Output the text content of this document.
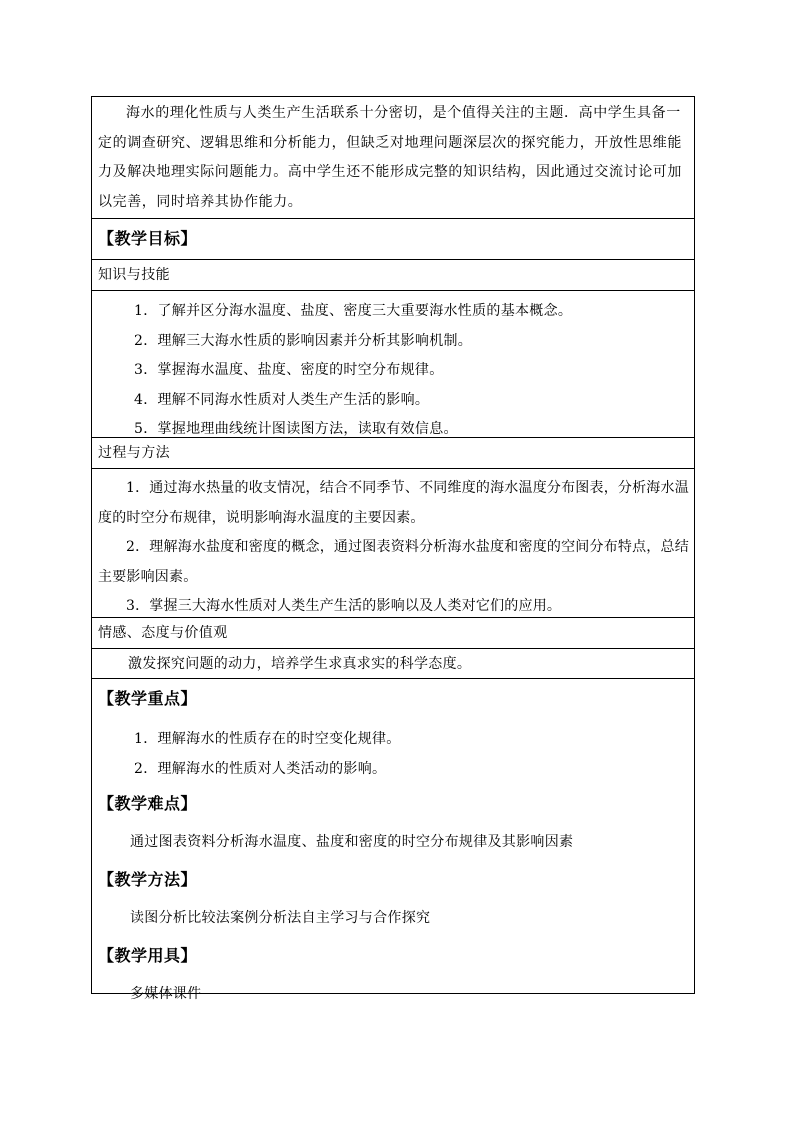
海水的理化性质与人类生产生活联系十分密切，是个值得关注的主题．高中学生具备一定的调查研究、逻辑思维和分析能力，但缺乏对地理问题深层次的探究能力，开放性思维能力及解决地理实际问题能力。高中学生还不能形成完整的知识结构，因此通过交流讨论可加以完善，同时培养其协作能力。
【教学目标】
知识与技能
1．了解并区分海水温度、盐度、密度三大重要海水性质的基本概念。
2．理解三大海水性质的影响因素并分析其影响机制。
3．掌握海水温度、盐度、密度的时空分布规律。
4．理解不同海水性质对人类生产生活的影响。
5．掌握地理曲线统计图读图方法，读取有效信息。
过程与方法
1．通过海水热量的收支情况，结合不同季节、不同维度的海水温度分布图表，分析海水温度的时空分布规律，说明影响海水温度的主要因素。
2．理解海水盐度和密度的概念，通过图表资料分析海水盐度和密度的空间分布特点，总结主要影响因素。
3．掌握三大海水性质对人类生产生活的影响以及人类对它们的应用。
情感、态度与价值观
激发探究问题的动力，培养学生求真求实的科学态度。
【教学重点】
1．理解海水的性质存在的时空变化规律。
2．理解海水的性质对人类活动的影响。
【教学难点】
通过图表资料分析海水温度、盐度和密度的时空分布规律及其影响因素
【教学方法】
读图分析比较法案例分析法自主学习与合作探究
【教学用具】
多媒体课件
